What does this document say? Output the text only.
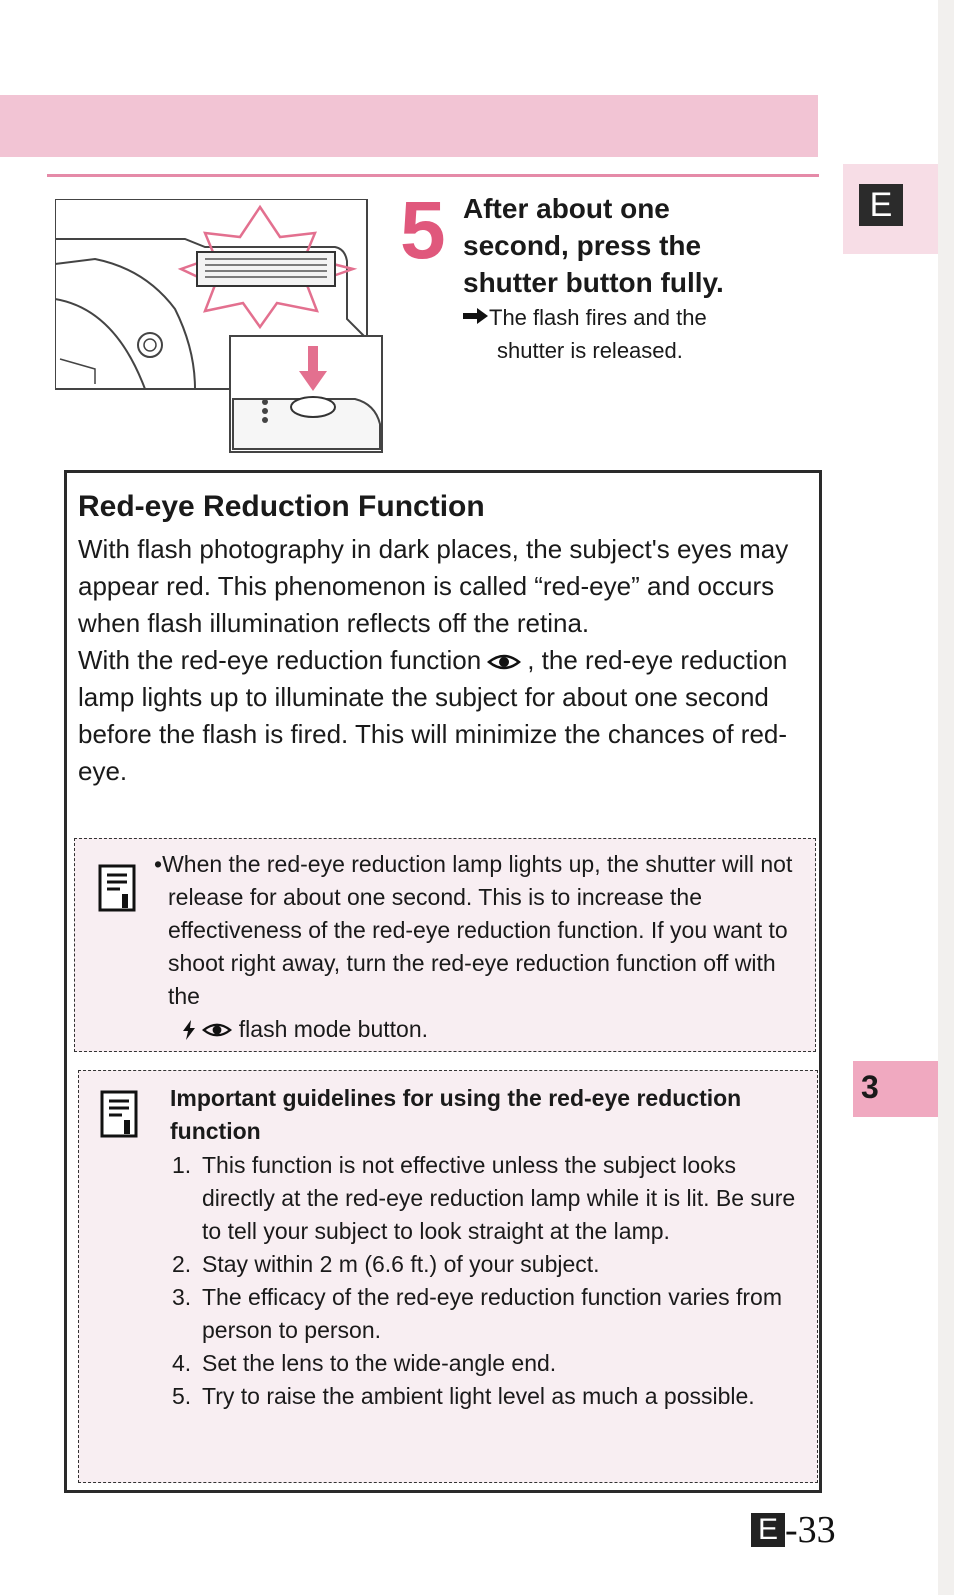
E
3
5 After about one
second, press the
shutter button fully.
The flash fires and the
shutter is released.
Red-eye Reduction Function

With flash photography in dark places, the subject's eyes may appear red. This phenomenon is called “red-eye” and occurs when flash illumination reflects off the retina.

With the red-eye reduction function , the red-eye reduction lamp lights up to illuminate the subject for about one second before the flash is fired. This will minimize the chances of red-eye.

•When the red-eye reduction lamp lights up, the shutter will not release for about one second. This is to increase the effectiveness of the red-eye reduction function. If you want to shoot right away, turn the red-eye reduction function off with the
flash mode button.
Important guidelines for using the red-eye reduction function
1. This function is not effective unless the subject looks directly at the red-eye reduction lamp while it is lit. Be sure to tell your subject to look straight at the lamp.
2. Stay within 2 m (6.6 ft.) of your subject.
3. The efficacy of the red-eye reduction function varies from person to person.
4. Set the lens to the wide-angle end.
5. Try to raise the ambient light level as much a possible.
E -33
